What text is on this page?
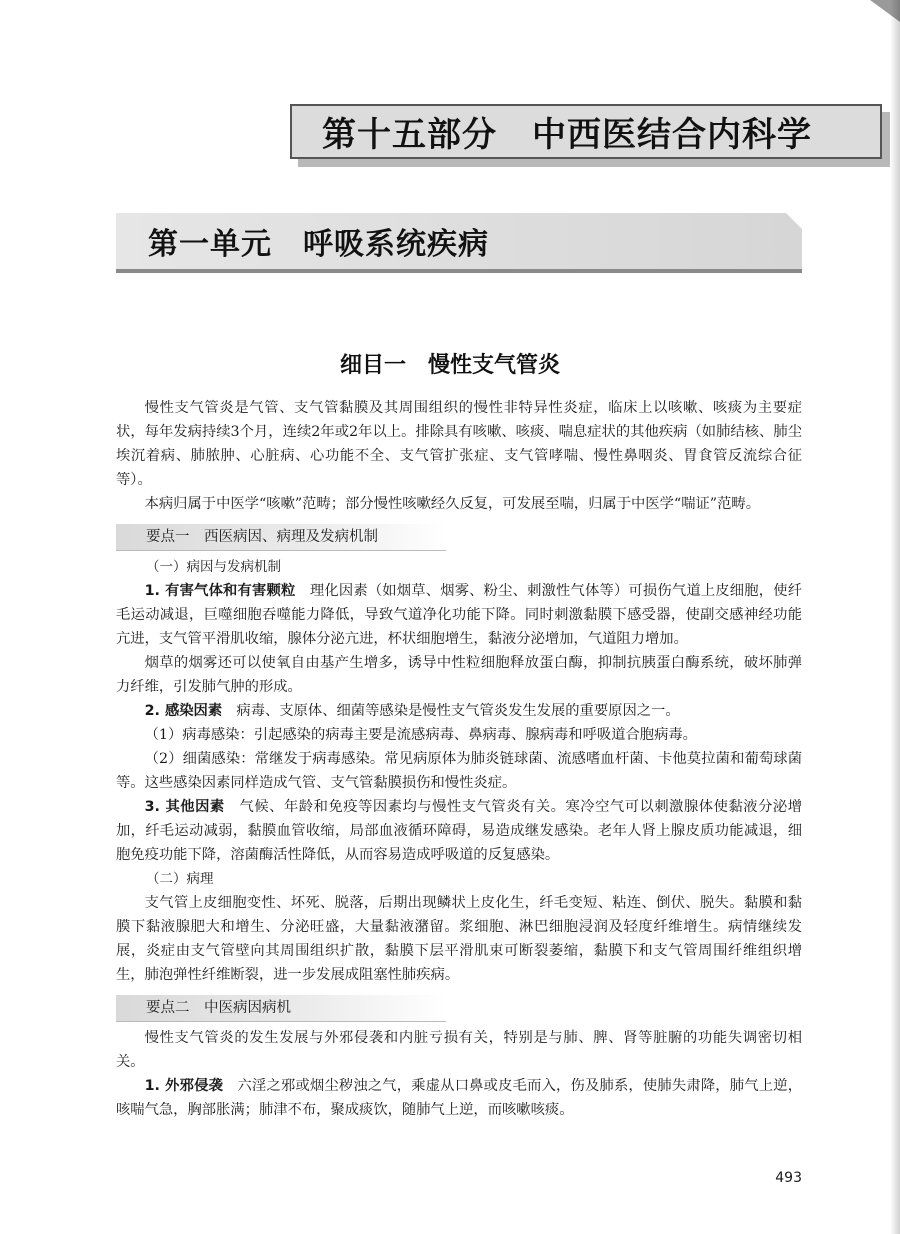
第十五部分　中西医结合内科学
第一单元　呼吸系统疾病
细目一　慢性支气管炎

慢性支气管炎是气管、支气管黏膜及其周围组织的慢性非特异性炎症，临床上以咳嗽、咳痰为主要症状，每年发病持续3个月，连续2年或2年以上。排除具有咳嗽、咳痰、喘息症状的其他疾病（如肺结核、肺尘埃沉着病、肺脓肿、心脏病、心功能不全、支气管扩张症、支气管哮喘、慢性鼻咽炎、胃食管反流综合征等）。

本病归属于中医学“咳嗽”范畴；部分慢性咳嗽经久反复，可发展至喘，归属于中医学“喘证”范畴。

要点一　西医病因、病理及发病机制
（一）病因与发病机制

1. 有害气体和有害颗粒　理化因素（如烟草、烟雾、粉尘、刺激性气体等）可损伤气道上皮细胞，使纤毛运动减退，巨噬细胞吞噬能力降低，导致气道净化功能下降。同时刺激黏膜下感受器，使副交感神经功能亢进，支气管平滑肌收缩，腺体分泌亢进，杯状细胞增生，黏液分泌增加，气道阻力增加。

烟草的烟雾还可以使氧自由基产生增多，诱导中性粒细胞释放蛋白酶，抑制抗胰蛋白酶系统，破坏肺弹力纤维，引发肺气肿的形成。

2. 感染因素　病毒、支原体、细菌等感染是慢性支气管炎发生发展的重要原因之一。

（1）病毒感染：引起感染的病毒主要是流感病毒、鼻病毒、腺病毒和呼吸道合胞病毒。

（2）细菌感染：常继发于病毒感染。常见病原体为肺炎链球菌、流感嗜血杆菌、卡他莫拉菌和葡萄球菌等。这些感染因素同样造成气管、支气管黏膜损伤和慢性炎症。

3. 其他因素　气候、年龄和免疫等因素均与慢性支气管炎有关。寒冷空气可以刺激腺体使黏液分泌增加，纤毛运动减弱，黏膜血管收缩，局部血液循环障碍，易造成继发感染。老年人肾上腺皮质功能减退，细胞免疫功能下降，溶菌酶活性降低，从而容易造成呼吸道的反复感染。

（二）病理

支气管上皮细胞变性、坏死、脱落，后期出现鳞状上皮化生，纤毛变短、粘连、倒伏、脱失。黏膜和黏膜下黏液腺肥大和增生、分泌旺盛，大量黏液潴留。浆细胞、淋巴细胞浸润及轻度纤维增生。病情继续发展，炎症由支气管壁向其周围组织扩散，黏膜下层平滑肌束可断裂萎缩，黏膜下和支气管周围纤维组织增生，肺泡弹性纤维断裂，进一步发展成阻塞性肺疾病。

要点二　中医病因病机

慢性支气管炎的发生发展与外邪侵袭和内脏亏损有关，特别是与肺、脾、肾等脏腑的功能失调密切相关。

1. 外邪侵袭　六淫之邪或烟尘秽浊之气，乘虚从口鼻或皮毛而入，伤及肺系，使肺失肃降，肺气上逆，咳喘气急，胸部胀满；肺津不布，聚成痰饮，随肺气上逆，而咳嗽咳痰。

493
